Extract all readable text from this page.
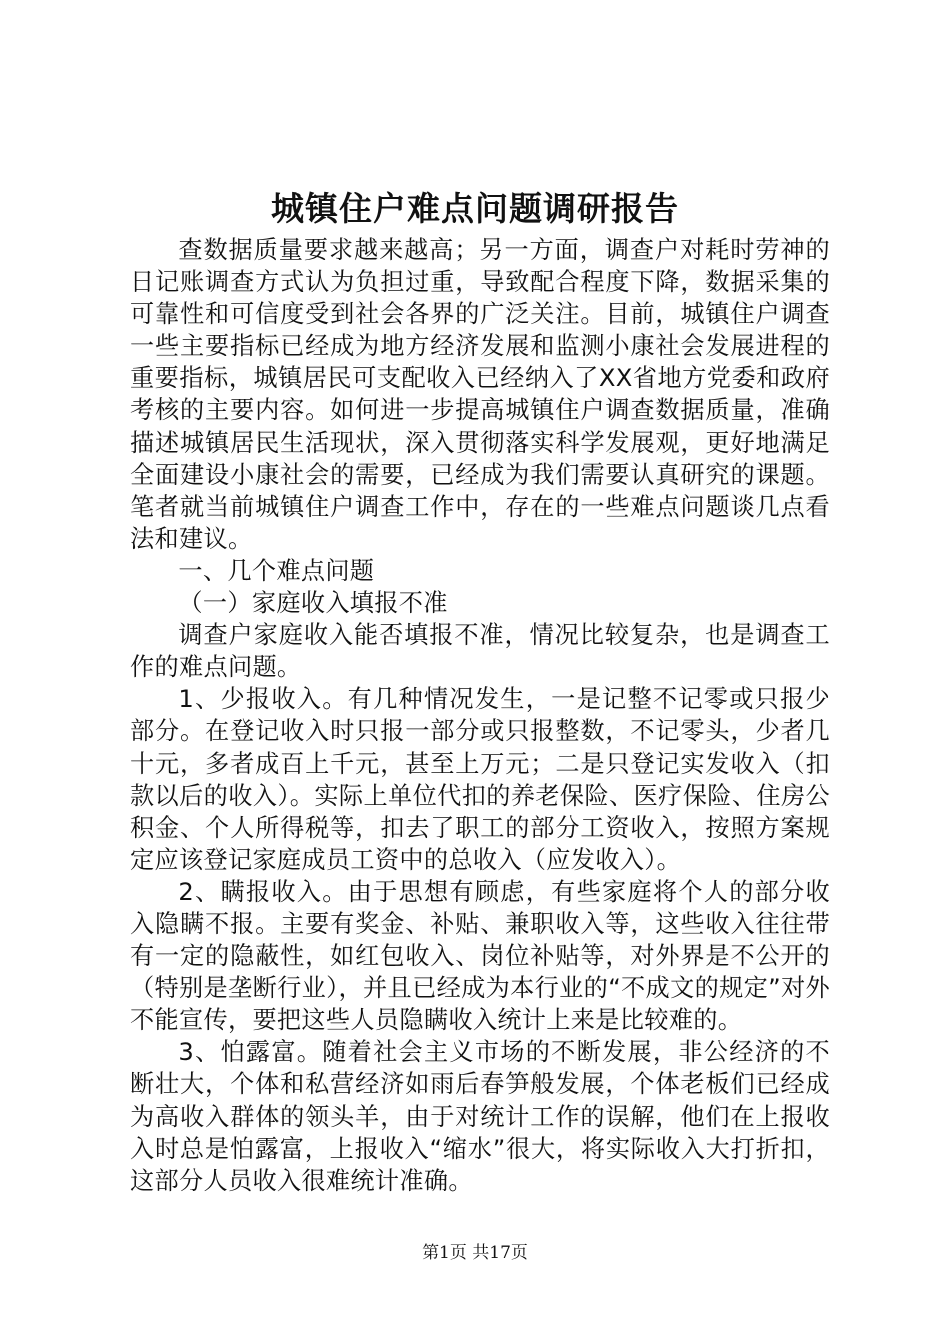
城镇住户难点问题调研报告

查数据质量要求越来越高；另一方面，调查户对耗时劳神的日记账调查方式认为负担过重，导致配合程度下降，数据采集的可靠性和可信度受到社会各界的广泛关注。目前，城镇住户调查一些主要指标已经成为地方经济发展和监测小康社会发展进程的重要指标，城镇居民可支配收入已经纳入了XX省地方党委和政府考核的主要内容。如何进一步提高城镇住户调查数据质量，准确描述城镇居民生活现状，深入贯彻落实科学发展观，更好地满足全面建设小康社会的需要，已经成为我们需要认真研究的课题。笔者就当前城镇住户调查工作中，存在的一些难点问题谈几点看法和建议。

一、几个难点问题

（一）家庭收入填报不准

调查户家庭收入能否填报不准，情况比较复杂，也是调查工作的难点问题。

1、少报收入。有几种情况发生，一是记整不记零或只报少部分。在登记收入时只报一部分或只报整数，不记零头，少者几十元，多者成百上千元，甚至上万元；二是只登记实发收入（扣款以后的收入）。实际上单位代扣的养老保险、医疗保险、住房公积金、个人所得税等，扣去了职工的部分工资收入，按照方案规定应该登记家庭成员工资中的总收入（应发收入）。

2、瞒报收入。由于思想有顾虑，有些家庭将个人的部分收入隐瞒不报。主要有奖金、补贴、兼职收入等，这些收入往往带有一定的隐蔽性，如红包收入、岗位补贴等，对外界是不公开的（特别是垄断行业），并且已经成为本行业的“不成文的规定”对外不能宣传，要把这些人员隐瞒收入统计上来是比较难的。

3、怕露富。随着社会主义市场的不断发展，非公经济的不断壮大，个体和私营经济如雨后春笋般发展，个体老板们已经成为高收入群体的领头羊，由于对统计工作的误解，他们在上报收入时总是怕露富，上报收入“缩水”很大，将实际收入大打折扣，这部分人员收入很难统计准确。

第1页 共17页
